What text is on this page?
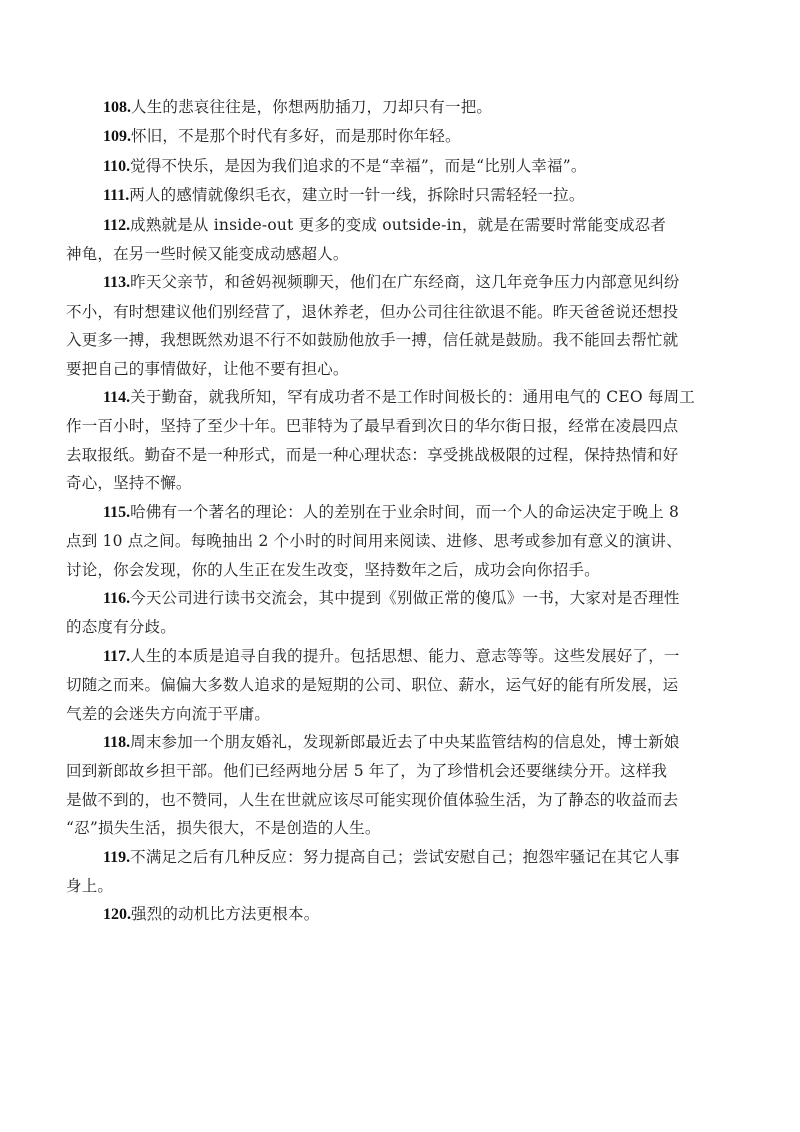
108.人生的悲哀往往是，你想两肋插刀，刀却只有一把。

109.怀旧，不是那个时代有多好，而是那时你年轻。

110.觉得不快乐，是因为我们追求的不是“幸福”，而是“比别人幸福”。

111.两人的感情就像织毛衣，建立时一针一线，拆除时只需轻轻一拉。

112.成熟就是从 inside-out 更多的变成 outside-in，就是在需要时常能变成忍者
神龟，在另一些时候又能变成动感超人。

113.昨天父亲节，和爸妈视频聊天，他们在广东经商，这几年竞争压力内部意见纠纷
不小，有时想建议他们别经营了，退休养老，但办公司往往欲退不能。昨天爸爸说还想投
入更多一搏，我想既然劝退不行不如鼓励他放手一搏，信任就是鼓励。我不能回去帮忙就
要把自己的事情做好，让他不要有担心。

114.关于勤奋，就我所知，罕有成功者不是工作时间极长的：通用电气的 CEO 每周工
作一百小时，坚持了至少十年。巴菲特为了最早看到次日的华尔街日报，经常在凌晨四点
去取报纸。勤奋不是一种形式，而是一种心理状态：享受挑战极限的过程，保持热情和好
奇心，坚持不懈。

115.哈佛有一个著名的理论：人的差别在于业余时间，而一个人的命运决定于晚上 8
点到 10 点之间。每晚抽出 2 个小时的时间用来阅读、进修、思考或参加有意义的演讲、
讨论，你会发现，你的人生正在发生改变，坚持数年之后，成功会向你招手。

116.今天公司进行读书交流会，其中提到《别做正常的傻瓜》一书，大家对是否理性
的态度有分歧。

117.人生的本质是追寻自我的提升。包括思想、能力、意志等等。这些发展好了，一
切随之而来。偏偏大多数人追求的是短期的公司、职位、薪水，运气好的能有所发展，运
气差的会迷失方向流于平庸。

118.周末参加一个朋友婚礼，发现新郎最近去了中央某监管结构的信息处，博士新娘
回到新郎故乡担干部。他们已经两地分居 5 年了，为了珍惜机会还要继续分开。这样我
是做不到的，也不赞同，人生在世就应该尽可能实现价值体验生活，为了静态的收益而去
“忍”损失生活，损失很大，不是创造的人生。

119.不满足之后有几种反应：努力提高自己；尝试安慰自己；抱怨牢骚记在其它人事
身上。

120.强烈的动机比方法更根本。
